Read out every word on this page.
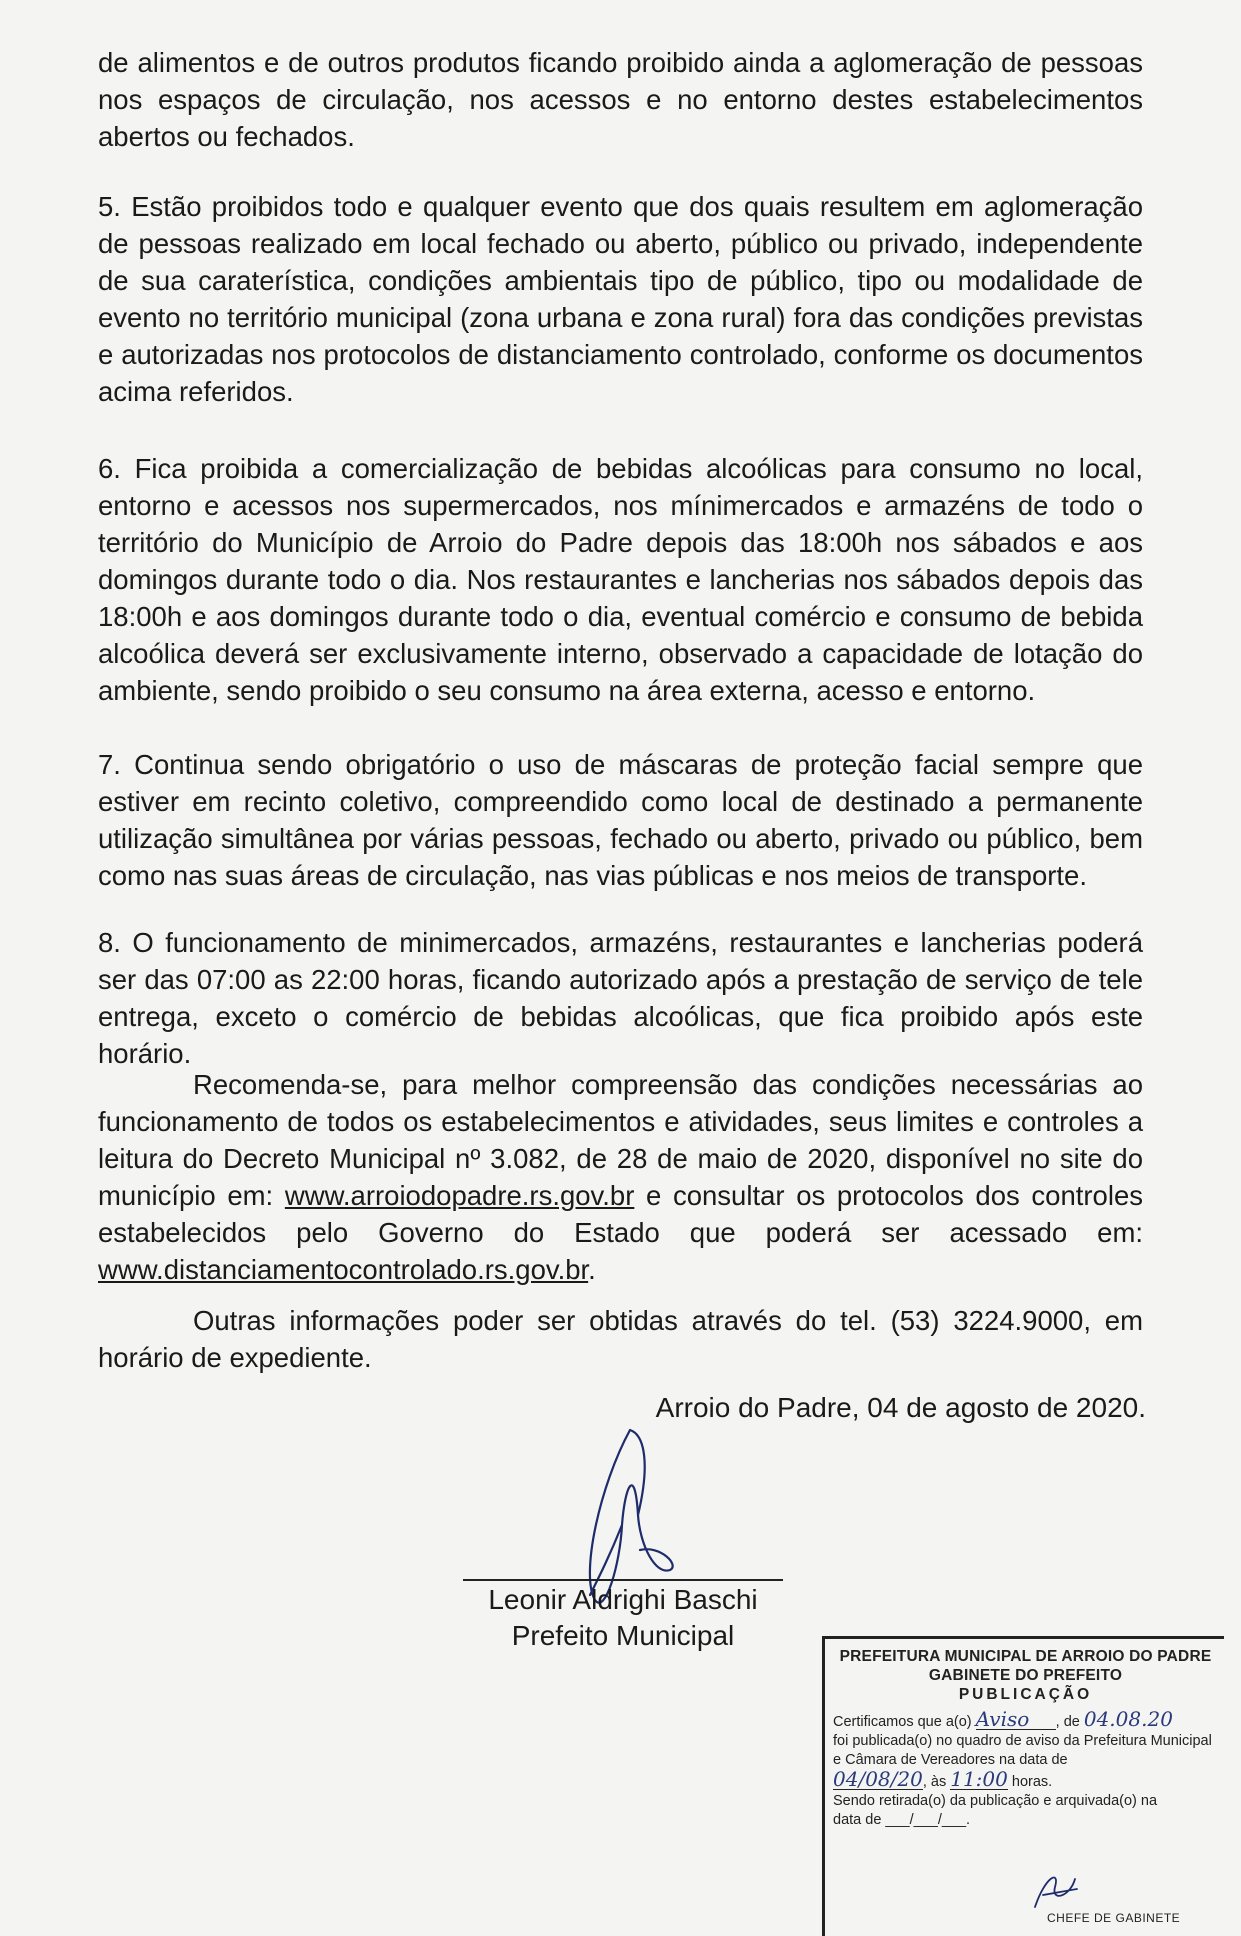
de alimentos e de outros produtos ficando proibido ainda a aglomeração de pessoas nos espaços de circulação, nos acessos e no entorno destes estabelecimentos abertos ou fechados.

5. Estão proibidos todo e qualquer evento que dos quais resultem em aglomeração de pessoas realizado em local fechado ou aberto, público ou privado, independente de sua caraterística, condições ambientais tipo de público, tipo ou modalidade de evento no território municipal (zona urbana e zona rural) fora das condições previstas e autorizadas nos protocolos de distanciamento controlado, conforme os documentos acima referidos.

6. Fica proibida a comercialização de bebidas alcoólicas para consumo no local, entorno e acessos nos supermercados, nos mínimercados e armazéns de todo o território do Município de Arroio do Padre depois das 18:00h nos sábados e aos domingos durante todo o dia. Nos restaurantes e lancherias nos sábados depois das 18:00h e aos domingos durante todo o dia, eventual comércio e consumo de bebida alcoólica deverá ser exclusivamente interno, observado a capacidade de lotação do ambiente, sendo proibido o seu consumo na área externa, acesso e entorno.

7. Continua sendo obrigatório o uso de máscaras de proteção facial sempre que estiver em recinto coletivo, compreendido como local de destinado a permanente utilização simultânea por várias pessoas, fechado ou aberto, privado ou público, bem como nas suas áreas de circulação, nas vias públicas e nos meios de transporte.

8. O funcionamento de minimercados, armazéns, restaurantes e lancherias poderá ser das 07:00 as 22:00 horas, ficando autorizado após a prestação de serviço de tele entrega, exceto o comércio de bebidas alcoólicas, que fica proibido após este horário.

Recomenda-se, para melhor compreensão das condições necessárias ao funcionamento de todos os estabelecimentos e atividades, seus limites e controles a leitura do Decreto Municipal nº 3.082, de 28 de maio de 2020, disponível no site do município em: www.arroiodopadre.rs.gov.br e consultar os protocolos dos controles estabelecidos pelo Governo do Estado que poderá ser acessado em: www.distanciamentocontrolado.rs.gov.br.

Outras informações poder ser obtidas através do tel. (53) 3224.9000, em horário de expediente.

Arroio do Padre, 04 de agosto de 2020.

Leonir Aldrighi Baschi

Prefeito Municipal

PREFEITURA MUNICIPAL DE ARROIO DO PADRE

GABINETE DO PREFEITO

PUBLICAÇÃO

Certificamos que a(o) Aviso , de 04.08.20

foi publicada(o) no quadro de aviso da Prefeitura Municipal e Câmara de Vereadores na data de

04/08/20, às 11:00 horas.

Sendo retirada(o) da publicação e arquivada(o) na

data de ___/___/___.

CHEFE DE GABINETE
